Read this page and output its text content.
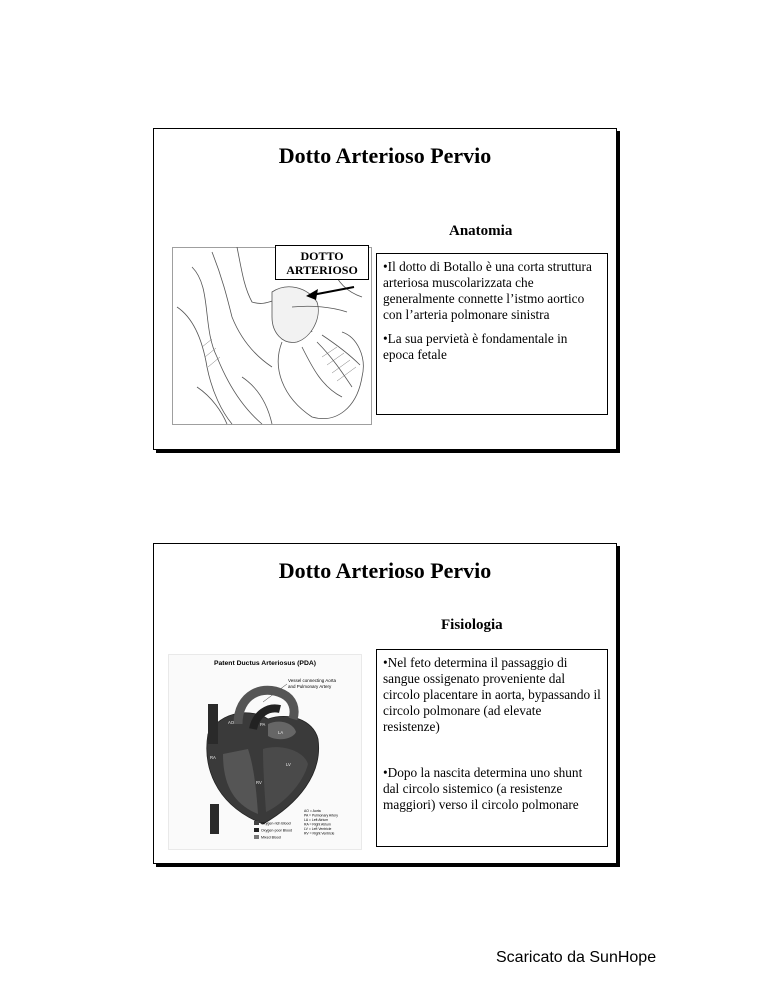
Dotto Arterioso Pervio
Anatomia
DOTTO
ARTERIOSO	•Il dotto di Botallo è una corta struttura arteriosa muscolarizzata che generalmente connette l’istmo aortico con l’arteria polmonare sinistra

•La sua pervietà è fondamentale in epoca fetale

Dotto Arterioso Pervio
Fisiologia
Patent Ductus Arteriosus (PDA)
Vessel connecting Aorta
and Pulmonary Artery
AO	PA
LA
RA
LV
RV
Oxygen-rich Blood
Oxygen-poor Blood
Mixed Blood
AO = Aorta
PA = Pulmonary Artery
LA = Left Atrium
RA = Right Atrium
LV = Left Ventricle
RV = Right Ventricle

•Nel feto determina il passaggio di sangue ossigenato proveniente dal circolo placentare in aorta, bypassando il circolo polmonare (ad elevate resistenze)

•Dopo la nascita determina uno shunt dal circolo sistemico (a resistenze maggiori) verso il circolo polmonare

Scaricato da SunHope
